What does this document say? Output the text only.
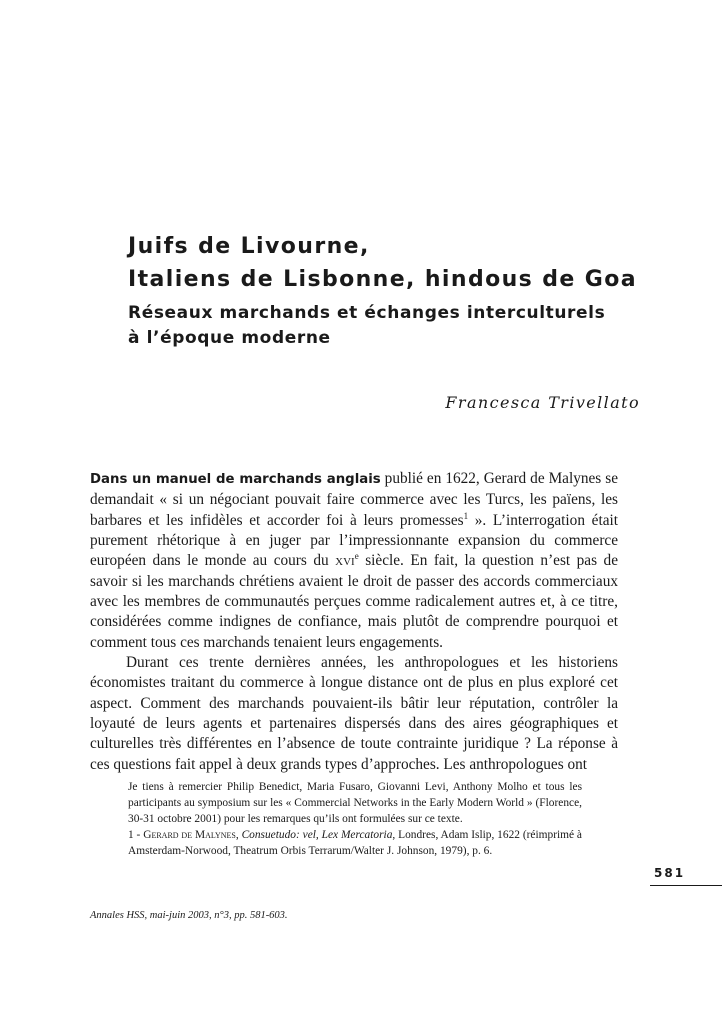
Juifs de Livourne,
Italiens de Lisbonne, hindous de Goa
Réseaux marchands et échanges interculturels
à l’époque moderne
Francesca Trivellato

Dans un manuel de marchands anglais publié en 1622, Gerard de Malynes se demandait « si un négociant pouvait faire commerce avec les Turcs, les païens, les barbares et les infidèles et accorder foi à leurs promesses$^1$ ». L’interrogation était purement rhétorique à en juger par l’impressionnante expansion du commerce européen dans le monde au cours du xvi$^e$ siècle. En fait, la question n’est pas de savoir si les marchands chrétiens avaient le droit de passer des accords commerciaux avec les membres de communautés perçues comme radicalement autres et, à ce titre, considérées comme indignes de confiance, mais plutôt de comprendre pourquoi et comment tous ces marchands tenaient leurs engagements.

Durant ces trente dernières années, les anthropologues et les historiens économistes traitant du commerce à longue distance ont de plus en plus exploré cet aspect. Comment des marchands pouvaient-ils bâtir leur réputation, contrôler la loyauté de leurs agents et partenaires dispersés dans des aires géographiques et culturelles très différentes en l’absence de toute contrainte juridique ? La réponse à ces questions fait appel à deux grands types d’approches. Les anthropologues ont

Je tiens à remercier Philip Benedict, Maria Fusaro, Giovanni Levi, Anthony Molho et tous les participants au symposium sur les « Commercial Networks in the Early Modern World » (Florence, 30-31 octobre 2001) pour les remarques qu’ils ont formulées sur ce texte.

1 - Gerard de Malynes, Consuetudo: vel, Lex Mercatoria, Londres, Adam Islip, 1622 (réimprimé à Amsterdam-Norwood, Theatrum Orbis Terrarum/Walter J. Johnson, 1979), p. 6.

581
Annales HSS, mai-juin 2003, n°3, pp. 581-603.
